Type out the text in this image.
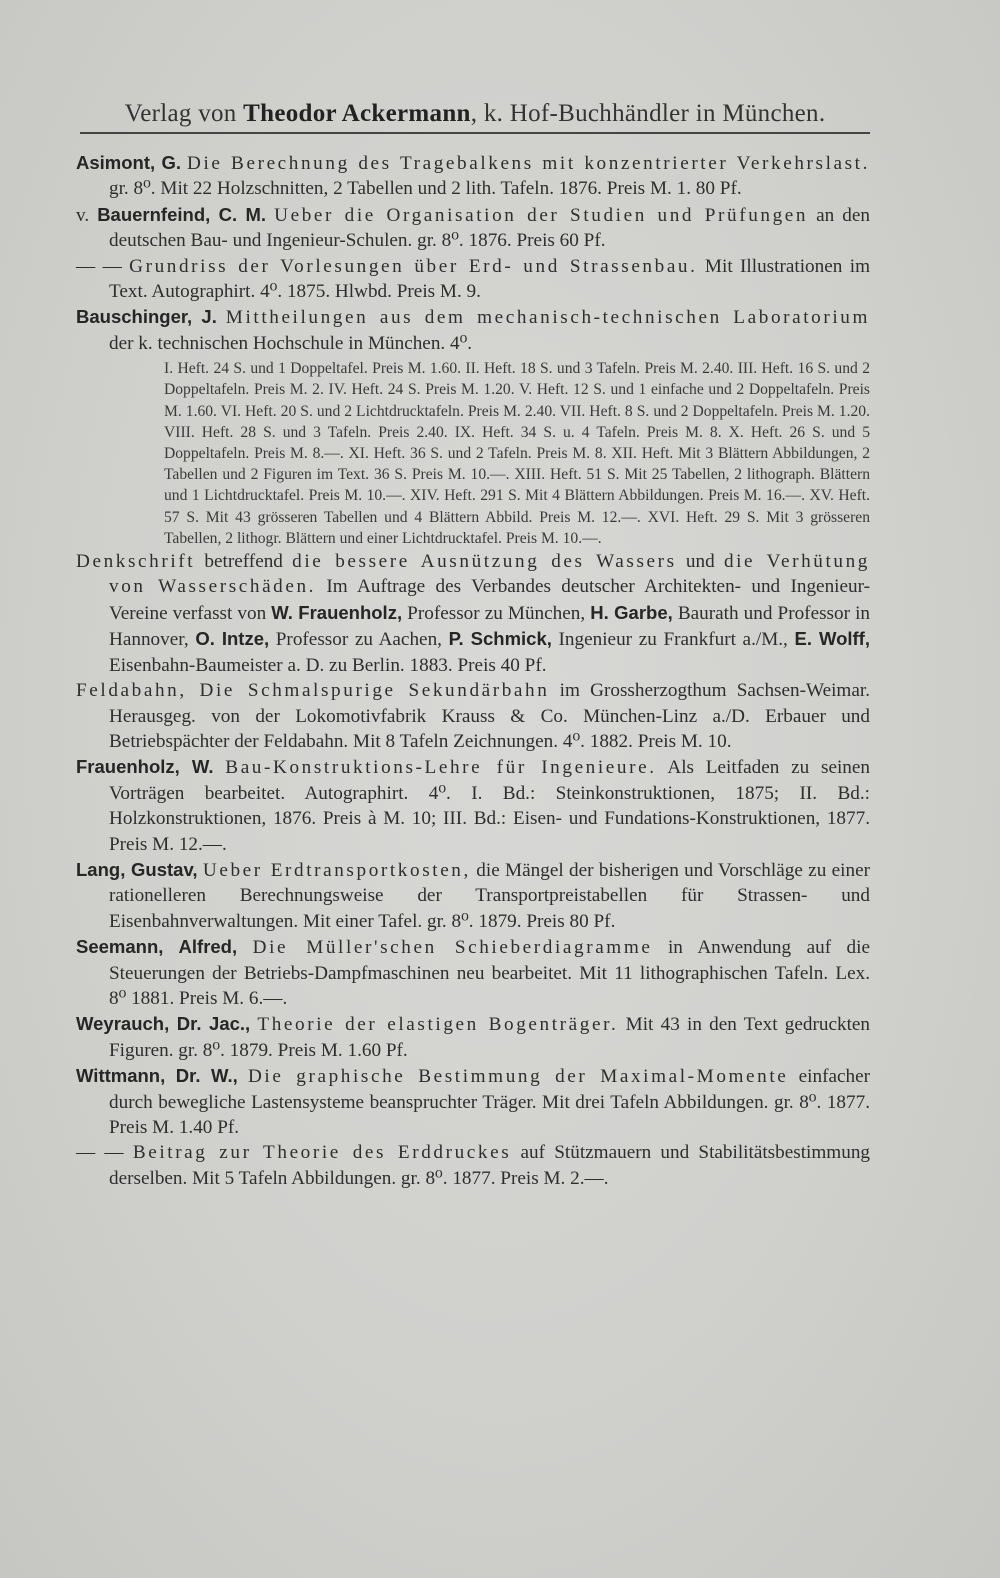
Verlag von Theodor Ackermann, k. Hof-Buchhändler in München.

Asimont, G. Die Berechnung des Tragebalkens mit konzentrierter Verkehrslast. gr. 8⁰. Mit 22 Holzschnitten, 2 Tabellen und 2 lith. Tafeln. 1876. Preis M. 1. 80 Pf.

v. Bauernfeind, C. M. Ueber die Organisation der Studien und Prüfungen an den deutschen Bau- und Ingenieur-Schulen. gr. 8⁰. 1876. Preis 60 Pf.

— — Grundriss der Vorlesungen über Erd- und Strassenbau. Mit Illustrationen im Text. Autographirt. 4⁰. 1875. Hlwbd. Preis M. 9.

Bauschinger, J. Mittheilungen aus dem mechanisch-technischen Laboratorium der k. technischen Hochschule in München. 4⁰.

I. Heft. 24 S. und 1 Doppeltafel. Preis M. 1.60. II. Heft. 18 S. und 3 Tafeln. Preis M. 2.40. III. Heft. 16 S. und 2 Doppeltafeln. Preis M. 2. IV. Heft. 24 S. Preis M. 1.20. V. Heft. 12 S. und 1 einfache und 2 Doppeltafeln. Preis M. 1.60. VI. Heft. 20 S. und 2 Lichtdrucktafeln. Preis M. 2.40. VII. Heft. 8 S. und 2 Doppeltafeln. Preis M. 1.20. VIII. Heft. 28 S. und 3 Tafeln. Preis 2.40. IX. Heft. 34 S. u. 4 Tafeln. Preis M. 8. X. Heft. 26 S. und 5 Doppeltafeln. Preis M. 8.—. XI. Heft. 36 S. und 2 Tafeln. Preis M. 8. XII. Heft. Mit 3 Blättern Abbildungen, 2 Tabellen und 2 Figuren im Text. 36 S. Preis M. 10.—. XIII. Heft. 51 S. Mit 25 Tabellen, 2 lithograph. Blättern und 1 Lichtdrucktafel. Preis M. 10.—. XIV. Heft. 291 S. Mit 4 Blättern Abbildungen. Preis M. 16.—. XV. Heft. 57 S. Mit 43 grösseren Tabellen und 4 Blättern Abbild. Preis M. 12.—. XVI. Heft. 29 S. Mit 3 grösseren Tabellen, 2 lithogr. Blättern und einer Lichtdrucktafel. Preis M. 10.—.

Denkschrift betreffend die bessere Ausnützung des Wassers und die Verhütung von Wasserschäden. Im Auftrage des Verbandes deutscher Architekten- und Ingenieur-Vereine verfasst von W. Frauenholz, Professor zu München, H. Garbe, Baurath und Professor in Hannover, O. Intze, Professor zu Aachen, P. Schmick, Ingenieur zu Frankfurt a./M., E. Wolff, Eisenbahn-Baumeister a. D. zu Berlin. 1883. Preis 40 Pf.

Feldabahn, Die Schmalspurige Sekundärbahn im Grossherzogthum Sachsen-Weimar. Herausgeg. von der Lokomotivfabrik Krauss & Co. München-Linz a./D. Erbauer und Betriebspächter der Feldabahn. Mit 8 Tafeln Zeichnungen. 4⁰. 1882. Preis M. 10.

Frauenholz, W. Bau-Konstruktions-Lehre für Ingenieure. Als Leitfaden zu seinen Vorträgen bearbeitet. Autographirt. 4⁰. I. Bd.: Steinkonstruktionen, 1875; II. Bd.: Holzkonstruktionen, 1876. Preis à M. 10; III. Bd.: Eisen- und Fundations-Konstruktionen, 1877. Preis M. 12.—.

Lang, Gustav, Ueber Erdtransportkosten, die Mängel der bisherigen und Vorschläge zu einer rationelleren Berechnungsweise der Transportpreistabellen für Strassen- und Eisenbahnverwaltungen. Mit einer Tafel. gr. 8⁰. 1879. Preis 80 Pf.

Seemann, Alfred, Die Müller'schen Schieberdiagramme in Anwendung auf die Steuerungen der Betriebs-Dampfmaschinen neu bearbeitet. Mit 11 lithographischen Tafeln. Lex. 8⁰ 1881. Preis M. 6.—.

Weyrauch, Dr. Jac., Theorie der elastigen Bogenträger. Mit 43 in den Text gedruckten Figuren. gr. 8⁰. 1879. Preis M. 1.60 Pf.

Wittmann, Dr. W., Die graphische Bestimmung der Maximal-Momente einfacher durch bewegliche Lastensysteme beanspruchter Träger. Mit drei Tafeln Abbildungen. gr. 8⁰. 1877. Preis M. 1.40 Pf.

— — Beitrag zur Theorie des Erddruckes auf Stützmauern und Stabilitätsbestimmung derselben. Mit 5 Tafeln Abbildungen. gr. 8⁰. 1877. Preis M. 2.—.
